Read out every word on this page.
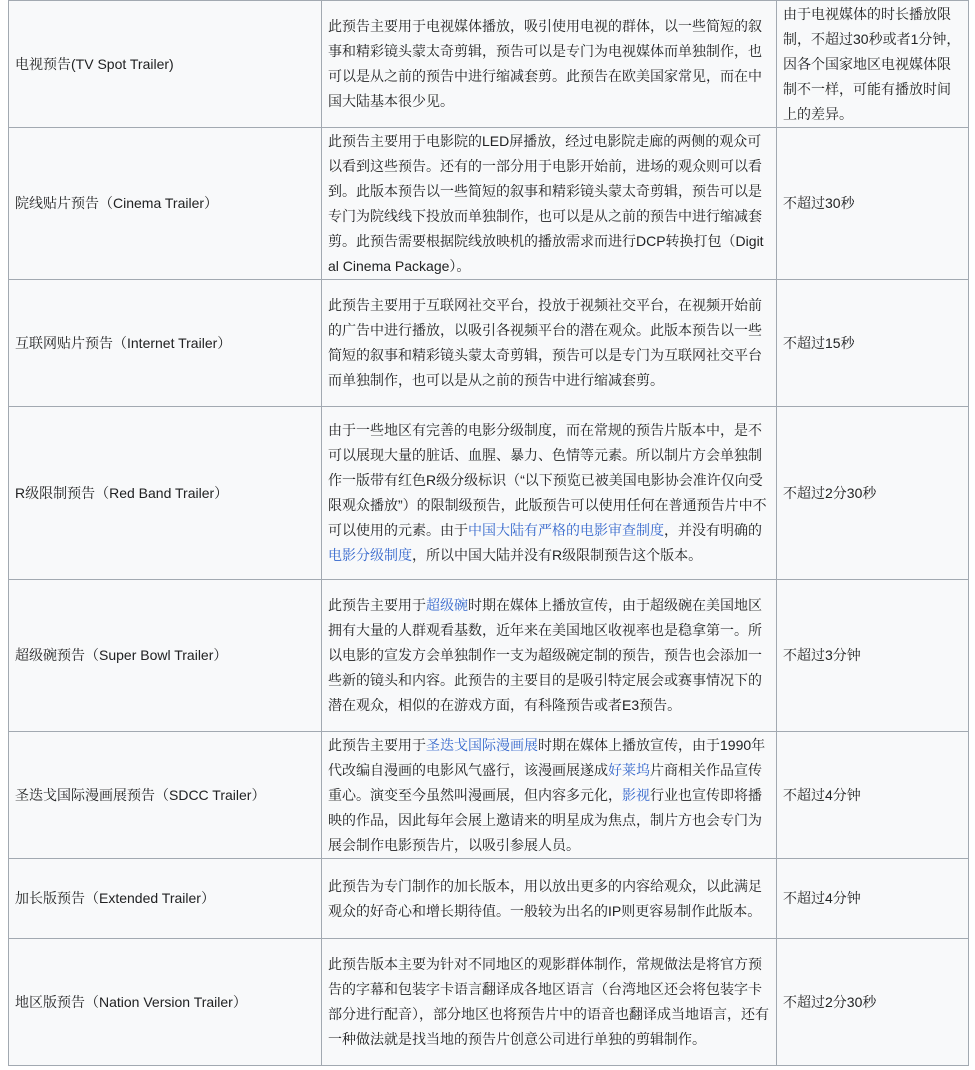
电视预告(TV Spot Trailer)	此预告主要用于电视媒体播放，吸引使用电视的群体，以一些简短的叙事和精彩镜头蒙太奇剪辑，预告可以是专门为电视媒体而单独制作，也可以是从之前的预告中进行缩减套剪。此预告在欧美国家常见，而在中国大陆基本很少见。	由于电视媒体的时长播放限制，不超过30秒或者1分钟，因各个国家地区电视媒体限制不一样，可能有播放时间上的差异。
院线贴片预告（Cinema Trailer）	此预告主要用于电影院的LED屏播放，经过电影院走廊的两侧的观众可以看到这些预告。还有的一部分用于电影开始前，进场的观众则可以看到。此版本预告以一些简短的叙事和精彩镜头蒙太奇剪辑，预告可以是专门为院线线下投放而单独制作，也可以是从之前的预告中进行缩减套剪。此预告需要根据院线放映机的播放需求而进行DCP转换打包（Digital Cinema Package）。	不超过30秒
互联网贴片预告（Internet Trailer）	此预告主要用于互联网社交平台，投放于视频社交平台，在视频开始前的广告中进行播放，以吸引各视频平台的潜在观众。此版本预告以一些简短的叙事和精彩镜头蒙太奇剪辑，预告可以是专门为互联网社交平台而单独制作，也可以是从之前的预告中进行缩减套剪。	不超过15秒
R级限制预告（Red Band Trailer）	由于一些地区有完善的电影分级制度，而在常规的预告片版本中，是不可以展现大量的脏话、血腥、暴力、色情等元素。所以制片方会单独制作一版带有红色R级分级标识（“以下预览已被美国电影协会准许仅向受限观众播放”）的限制级预告，此版预告可以使用任何在普通预告片中不可以使用的元素。由于中国大陆有严格的电影审查制度，并没有明确的电影分级制度，所以中国大陆并没有R级限制预告这个版本。	不超过2分30秒
超级碗预告（Super Bowl Trailer）	此预告主要用于超级碗时期在媒体上播放宣传，由于超级碗在美国地区拥有大量的人群观看基数，近年来在美国地区收视率也是稳拿第一。所以电影的宣发方会单独制作一支为超级碗定制的预告，预告也会添加一些新的镜头和内容。此预告的主要目的是吸引特定展会或赛事情况下的潜在观众，相似的在游戏方面，有科隆预告或者E3预告。	不超过3分钟
圣迭戈国际漫画展预告（SDCC Trailer）	此预告主要用于圣迭戈国际漫画展时期在媒体上播放宣传，由于1990年代改编自漫画的电影风气盛行，该漫画展遂成好莱坞片商相关作品宣传重心。演变至今虽然叫漫画展，但内容多元化，影视行业也宣传即将播映的作品，因此每年会展上邀请来的明星成为焦点，制片方也会专门为展会制作电影预告片，以吸引参展人员。	不超过4分钟
加长版预告（Extended Trailer）	此预告为专门制作的加长版本，用以放出更多的内容给观众，以此满足观众的好奇心和增长期待值。一般较为出名的IP则更容易制作此版本。	不超过4分钟
地区版预告（Nation Version Trailer）	此预告版本主要为针对不同地区的观影群体制作，常规做法是将官方预告的字幕和包装字卡语言翻译成各地区语言（台湾地区还会将包装字卡部分进行配音），部分地区也将预告片中的语音也翻译成当地语言，还有一种做法就是找当地的预告片创意公司进行单独的剪辑制作。	不超过2分30秒
